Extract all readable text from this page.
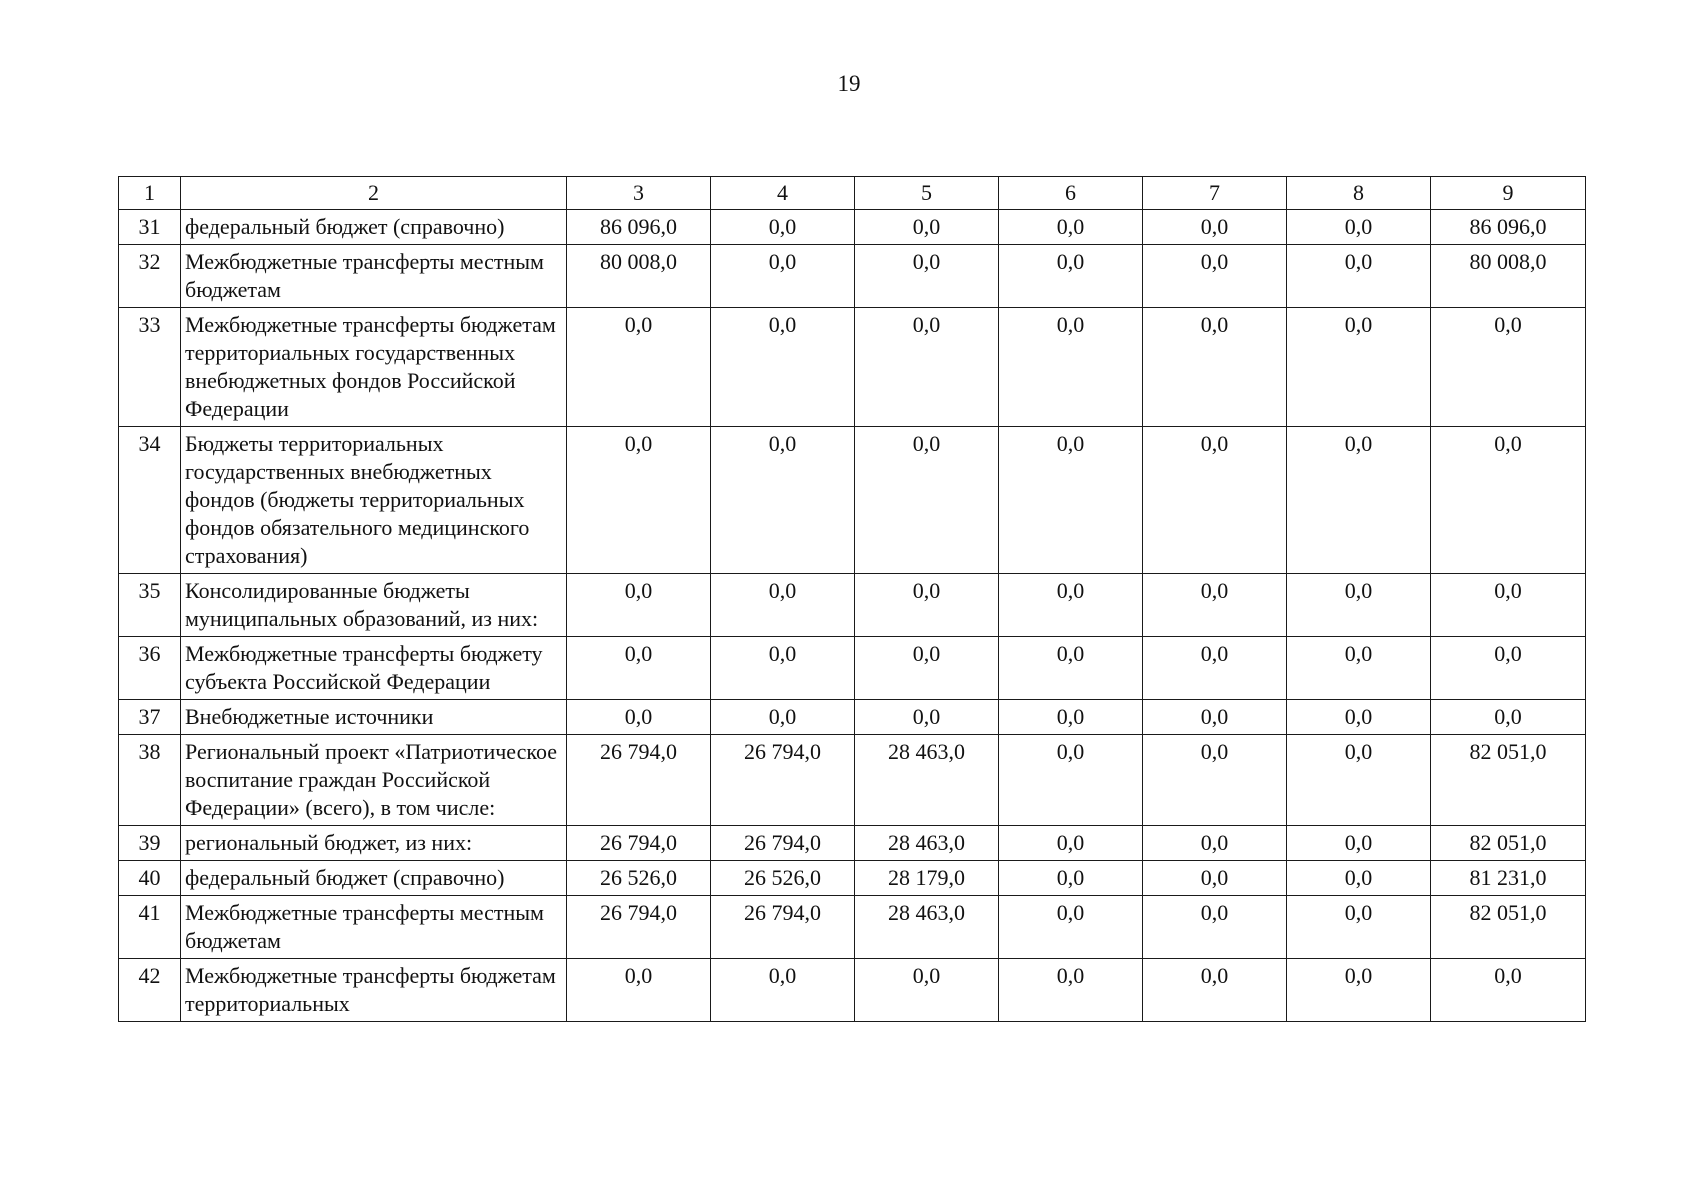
19
1	2	3	4	5	6	7	8	9
31	федеральный бюджет (справочно)	86 096,0	0,0	0,0	0,0	0,0	0,0	86 096,0
32	Межбюджетные трансферты местным бюджетам	80 008,0	0,0	0,0	0,0	0,0	0,0	80 008,0
33	Межбюджетные трансферты бюджетам территориальных государственных внебюджетных фондов Российской Федерации	0,0	0,0	0,0	0,0	0,0	0,0	0,0
34	Бюджеты территориальных государственных внебюджетных фондов (бюджеты территориальных фондов обязательного медицинского страхования)	0,0	0,0	0,0	0,0	0,0	0,0	0,0
35	Консолидированные бюджеты муниципальных образований, из них:	0,0	0,0	0,0	0,0	0,0	0,0	0,0
36	Межбюджетные трансферты бюджету субъекта Российской Федерации	0,0	0,0	0,0	0,0	0,0	0,0	0,0
37	Внебюджетные источники	0,0	0,0	0,0	0,0	0,0	0,0	0,0
38	Региональный проект «Патриотическое воспитание граждан Российской Федерации» (всего), в том числе:	26 794,0	26 794,0	28 463,0	0,0	0,0	0,0	82 051,0
39	региональный бюджет, из них:	26 794,0	26 794,0	28 463,0	0,0	0,0	0,0	82 051,0
40	федеральный бюджет (справочно)	26 526,0	26 526,0	28 179,0	0,0	0,0	0,0	81 231,0
41	Межбюджетные трансферты местным бюджетам	26 794,0	26 794,0	28 463,0	0,0	0,0	0,0	82 051,0
42	Межбюджетные трансферты бюджетам территориальных	0,0	0,0	0,0	0,0	0,0	0,0	0,0
